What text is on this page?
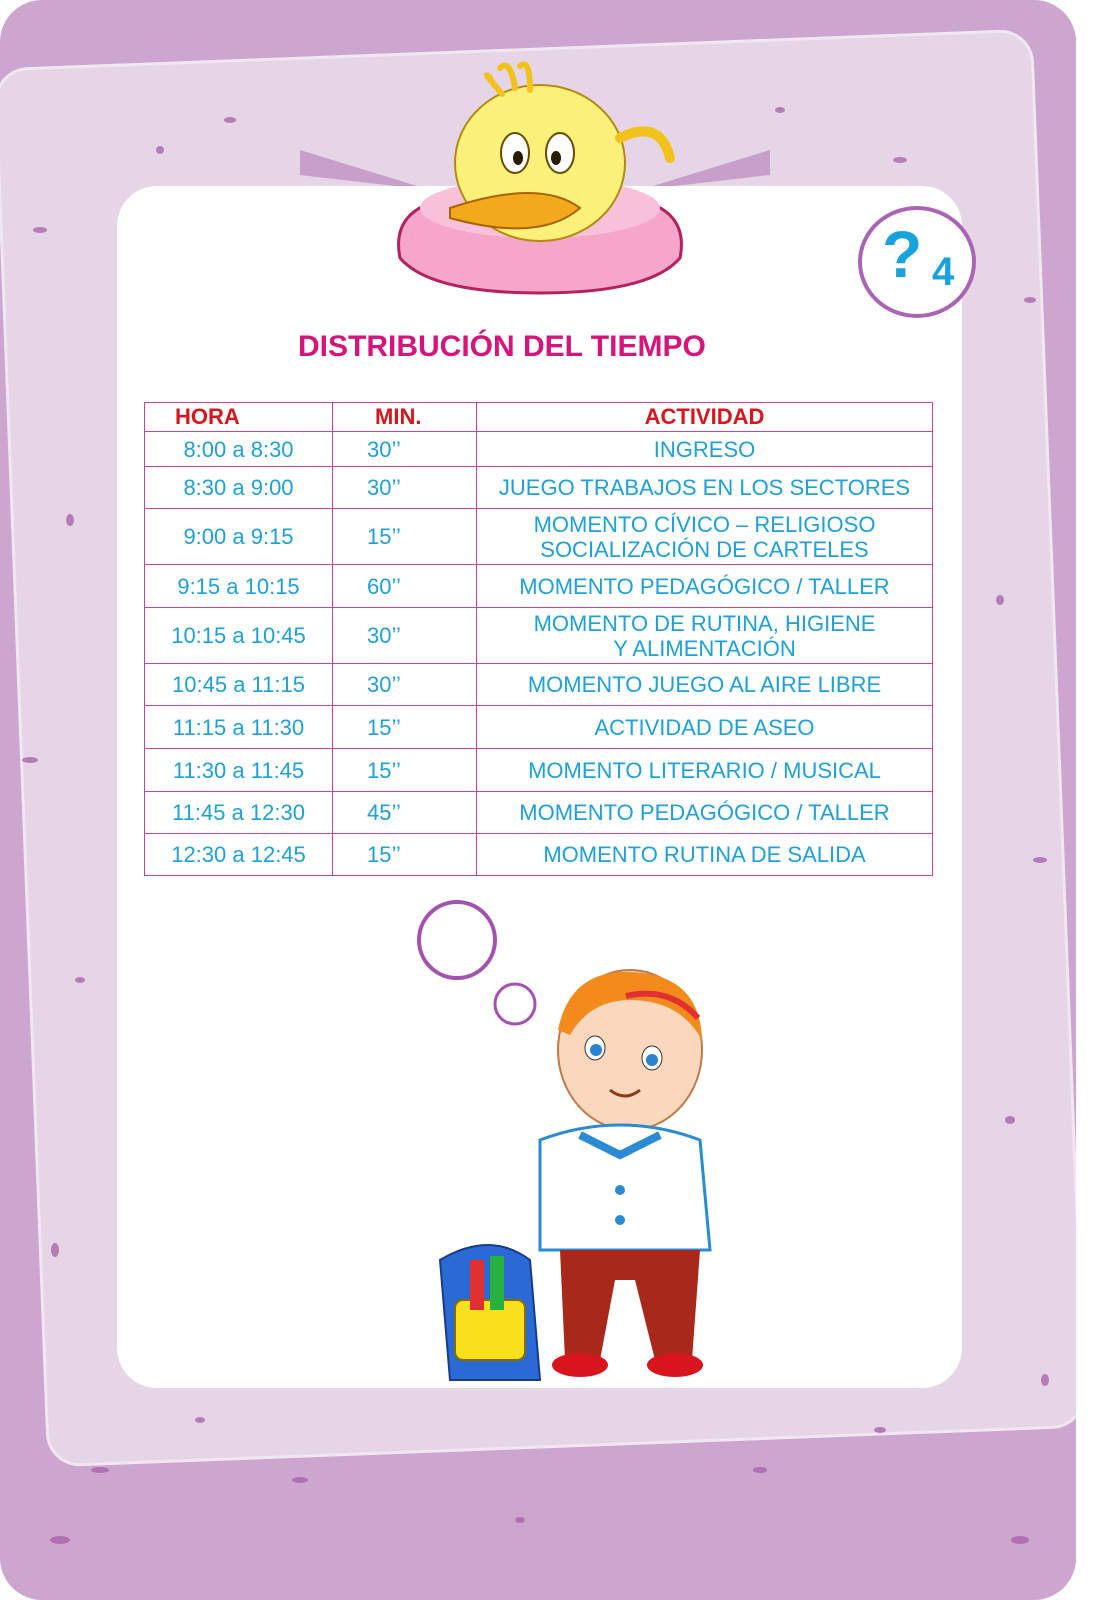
? 4
DISTRIBUCIÓN DEL TIEMPO
HORA	MIN.	ACTIVIDAD
8:00 a 8:30	30’’	INGRESO
8:30 a 9:00	30’’	JUEGO TRABAJOS EN LOS SECTORES
9:00 a 9:15	15’’	MOMENTO CÍVICO – RELIGIOSO
SOCIALIZACIÓN DE CARTELES

9:15 a 10:15	60’’	MOMENTO PEDAGÓGICO / TALLER
10:15 a 10:45	30’’	MOMENTO DE RUTINA, HIGIENE
Y ALIMENTACIÓN

10:45 a 11:15	30’’	MOMENTO JUEGO AL AIRE LIBRE
11:15 a 11:30	15’’	ACTIVIDAD DE ASEO
11:30 a 11:45	15’’	MOMENTO LITERARIO / MUSICAL
11:45 a 12:30	45’’	MOMENTO PEDAGÓGICO / TALLER
12:30 a 12:45	15’’	MOMENTO RUTINA DE SALIDA
